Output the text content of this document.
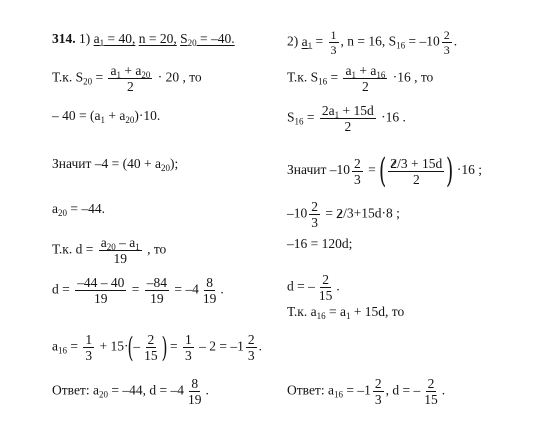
314. 1) $a_1 = 40$, n = 20, $S_{20} = -40$.
Т.к. $S_{20} = \frac{a_1 + a_{20}}{2} \cdot 20$ , то
– $40 = (a_1 + a_{20})\cdot 10$.
Значит $-4 = (40 + a_{20})$;
$a_{20} = -44$.
Т.к. $d = \frac{a_{20} - a_1}{19}$ , то
$d = \frac{-44 - 40}{19} = \frac{-84}{19} = -4 \frac{8}{19}$ .
$a_{16} = \frac{1}{3} + 15\cdot(- \frac{2}{15}$ ) = $\frac{1}{3} - 2 = -1 \frac{2}{3}$ .
Ответ: $a_{20} = -44$, $d = -4 \frac{8}{19}$ .
2) $a_1 = \frac{1}{3}$ , n = 16, $S_{16} = -10 \frac{2}{3}$ .
Т.к. $S_{16} = \frac{a_1 + a_{16}}{2} \cdot 16$ , то
$S_{16} = \frac{2a_1 + 15d}{2} \cdot 16$ .
Значит $-10 \frac{2}{3}$ = ( $\frac{2/3 + 15d}{2}$ ) ·16 ;
$-10 \frac{2}{3} = 2/3+15d\cdot 8$ ;
–16 = 120d;
d = – $\frac{2}{15}$ .
Т.к. $a_{16} = a_1 + 15d$, то
Ответ: $a_{16} = -1 \frac{2}{3}$ , d = – $\frac{2}{15}$ .
